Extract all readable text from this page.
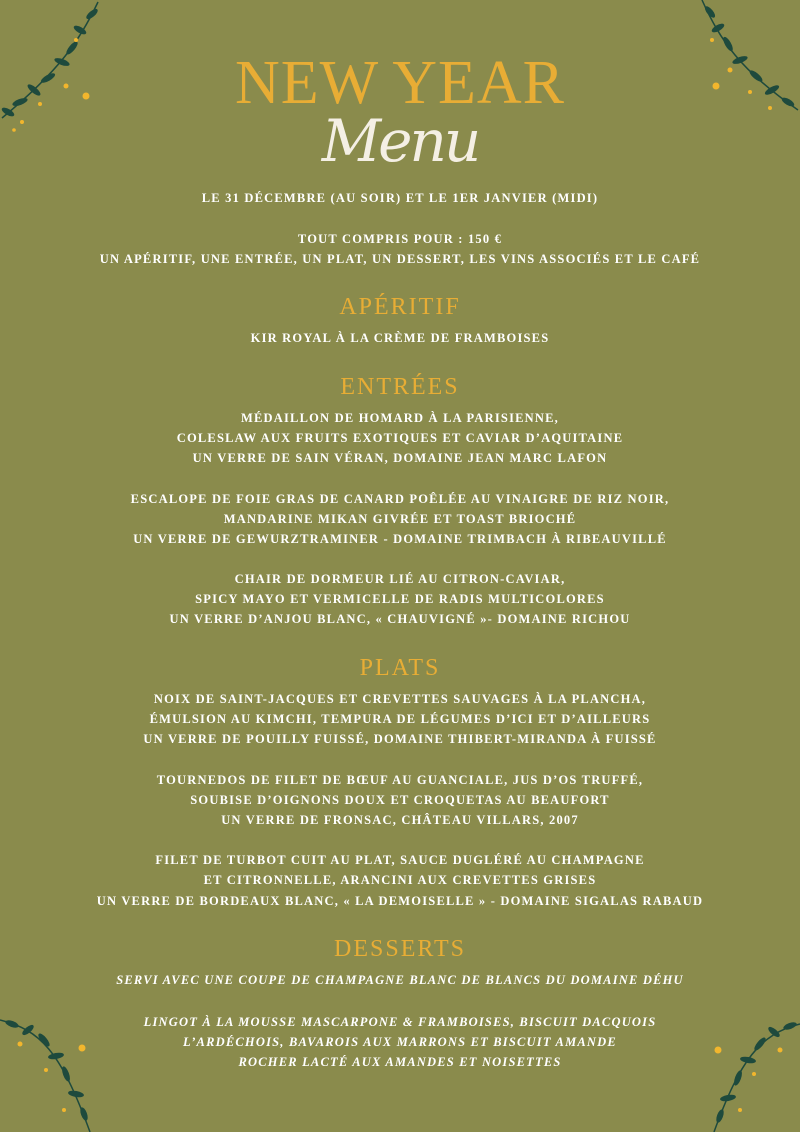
NEW YEAR
Menu
LE 31 DÉCEMBRE (AU SOIR) ET LE 1ER JANVIER (MIDI)
TOUT COMPRIS POUR : 150 €
UN APÉRITIF, UNE ENTRÉE, UN PLAT, UN DESSERT, LES VINS ASSOCIÉS ET LE CAFÉ
APÉRITIF
KIR ROYAL À LA CRÈME DE FRAMBOISES
ENTRÉES
MÉDAILLON DE HOMARD À LA PARISIENNE,
COLESLAW AUX FRUITS EXOTIQUES ET CAVIAR D’AQUITAINE
UN VERRE DE SAIN VÉRAN, DOMAINE JEAN MARC LAFON
ESCALOPE DE FOIE GRAS DE CANARD POÊLÉE AU VINAIGRE DE RIZ NOIR,
MANDARINE MIKAN GIVRÉE ET TOAST BRIOCHÉ
UN VERRE DE GEWURZTRAMINER - DOMAINE TRIMBACH À RIBEAUVILLÉ
CHAIR DE DORMEUR LIÉ AU CITRON-CAVIAR,
SPICY MAYO ET VERMICELLE DE RADIS MULTICOLORES
UN VERRE D’ANJOU BLANC, « CHAUVIGNÉ »- DOMAINE RICHOU
PLATS
NOIX DE SAINT-JACQUES ET CREVETTES SAUVAGES À LA PLANCHA,
ÉMULSION AU KIMCHI, TEMPURA DE LÉGUMES D’ICI ET D’AILLEURS
UN VERRE DE POUILLY FUISSÉ, DOMAINE THIBERT-MIRANDA À FUISSÉ
TOURNEDOS DE FILET DE BŒUF AU GUANCIALE, JUS D’OS TRUFFÉ,
SOUBISE D’OIGNONS DOUX ET CROQUETAS AU BEAUFORT
UN VERRE DE FRONSAC, CHÂTEAU VILLARS, 2007
FILET DE TURBOT CUIT AU PLAT, SAUCE DUGLÉRÉ AU CHAMPAGNE
ET CITRONNELLE, ARANCINI AUX CREVETTES GRISES
UN VERRE DE BORDEAUX BLANC, « LA DEMOISELLE » - DOMAINE SIGALAS RABAUD
DESSERTS
SERVI AVEC UNE COUPE DE CHAMPAGNE BLANC DE BLANCS DU DOMAINE DÉHU
LINGOT À LA MOUSSE MASCARPONE & FRAMBOISES, BISCUIT DACQUOIS
L’ARDÉCHOIS, BAVAROIS AUX MARRONS ET BISCUIT AMANDE
ROCHER LACTÉ AUX AMANDES ET NOISETTES
